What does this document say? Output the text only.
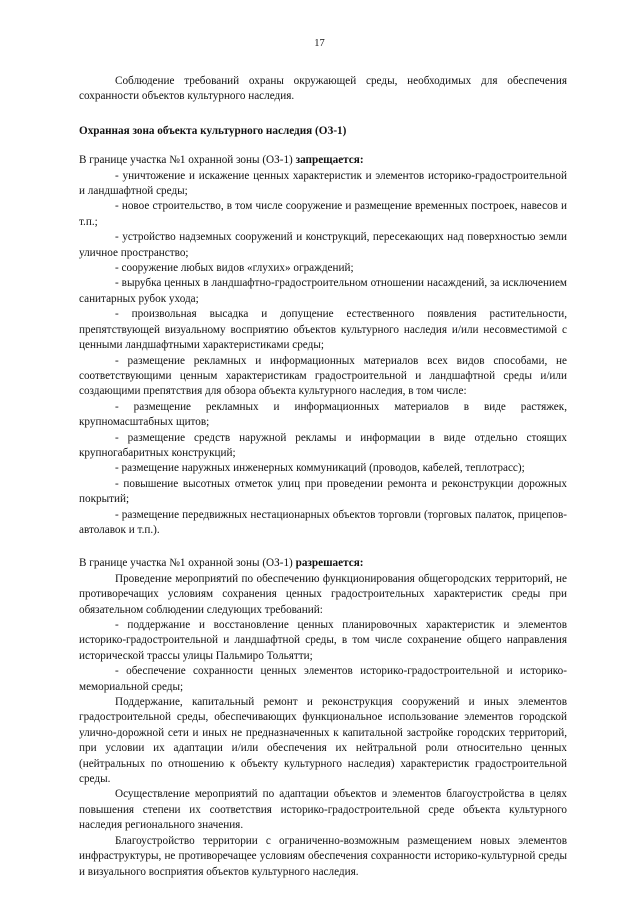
17

Соблюдение требований охраны окружающей среды, необходимых для обеспечения сохранности объектов культурного наследия.

Охранная зона объекта культурного наследия (ОЗ-1)

В границе участка №1 охранной зоны (ОЗ-1) запрещается:

- уничтожение и искажение ценных характеристик и элементов историко-градостроительной и ландшафтной среды;

- новое строительство, в том числе сооружение и размещение временных построек, навесов и т.п.;

- устройство надземных сооружений и конструкций, пересекающих над поверхностью земли уличное пространство;

- сооружение любых видов «глухих» ограждений;

- вырубка ценных в ландшафтно-градостроительном отношении насаждений, за исключением санитарных рубок ухода;

- произвольная высадка и допущение естественного появления растительности, препятствующей визуальному восприятию объектов культурного наследия и/или несовместимой с ценными ландшафтными характеристиками среды;

- размещение рекламных и информационных материалов всех видов способами, не соответствующими ценным характеристикам градостроительной и ландшафтной среды и/или создающими препятствия для обзора объекта культурного наследия, в том числе:

- размещение рекламных и информационных материалов в виде растяжек, крупномасштабных щитов;

- размещение средств наружной рекламы и информации в виде отдельно стоящих крупногабаритных конструкций;

- размещение наружных инженерных коммуникаций (проводов, кабелей, теплотрасс);

- повышение высотных отметок улиц при проведении ремонта и реконструкции дорожных покрытий;

- размещение передвижных нестационарных объектов торговли (торговых палаток, прицепов-автолавок и т.п.).

В границе участка №1 охранной зоны (ОЗ-1) разрешается:

Проведение мероприятий по обеспечению функционирования общегородских территорий, не противоречащих условиям сохранения ценных градостроительных характеристик среды при обязательном соблюдении следующих требований:

- поддержание и восстановление ценных планировочных характеристик и элементов историко-градостроительной и ландшафтной среды, в том числе сохранение общего направления исторической трассы улицы Пальмиро Тольятти;

- обеспечение сохранности ценных элементов историко-градостроительной и историко-мемориальной среды;

Поддержание, капитальный ремонт и реконструкция сооружений и иных элементов градостроительной среды, обеспечивающих функциональное использование элементов городской улично-дорожной сети и иных не предназначенных к капитальной застройке городских территорий, при условии их адаптации и/или обеспечения их нейтральной роли относительно ценных (нейтральных по отношению к объекту культурного наследия) характеристик градостроительной среды.

Осуществление мероприятий по адаптации объектов и элементов благоустройства в целях повышения степени их соответствия историко-градостроительной среде объекта культурного наследия регионального значения.

Благоустройство территории с ограниченно-возможным размещением новых элементов инфраструктуры, не противоречащее условиям обеспечения сохранности историко-культурной среды и визуального восприятия объектов культурного наследия.
